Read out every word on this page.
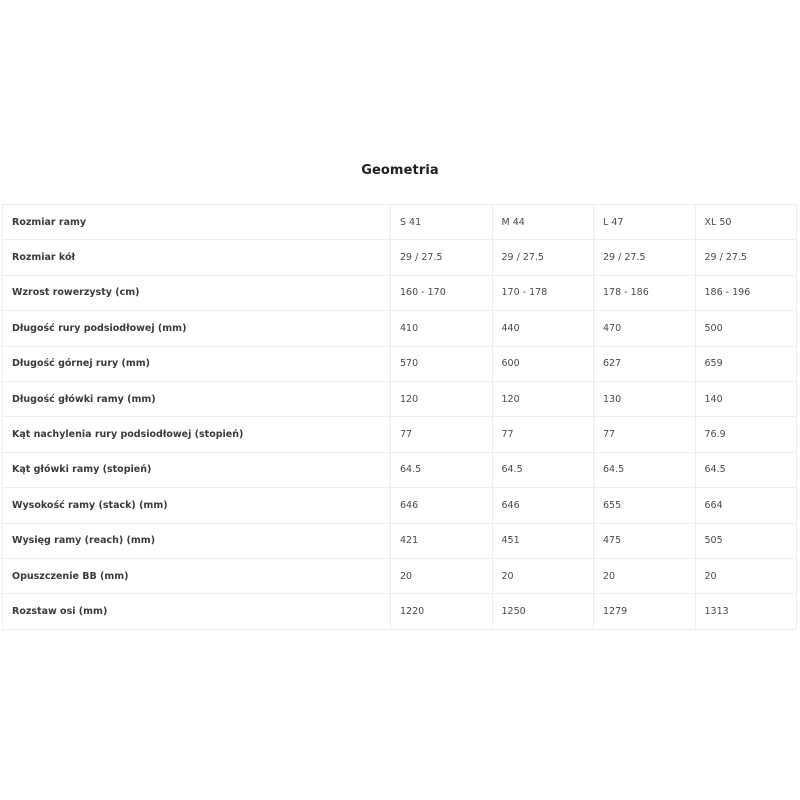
Geometria
Rozmiar ramy	S 41	M 44	L 47	XL 50
Rozmiar kół	29 / 27.5	29 / 27.5	29 / 27.5	29 / 27.5
Wzrost rowerzysty (cm)	160 - 170	170 - 178	178 - 186	186 - 196
Długość rury podsiodłowej (mm)	410	440	470	500
Długość górnej rury (mm)	570	600	627	659
Długość główki ramy (mm)	120	120	130	140
Kąt nachylenia rury podsiodłowej (stopień)	77	77	77	76.9
Kąt główki ramy (stopień)	64.5	64.5	64.5	64.5
Wysokość ramy (stack) (mm)	646	646	655	664
Wysięg ramy (reach) (mm)	421	451	475	505
Opuszczenie BB (mm)	20	20	20	20
Rozstaw osi (mm)	1220	1250	1279	1313
